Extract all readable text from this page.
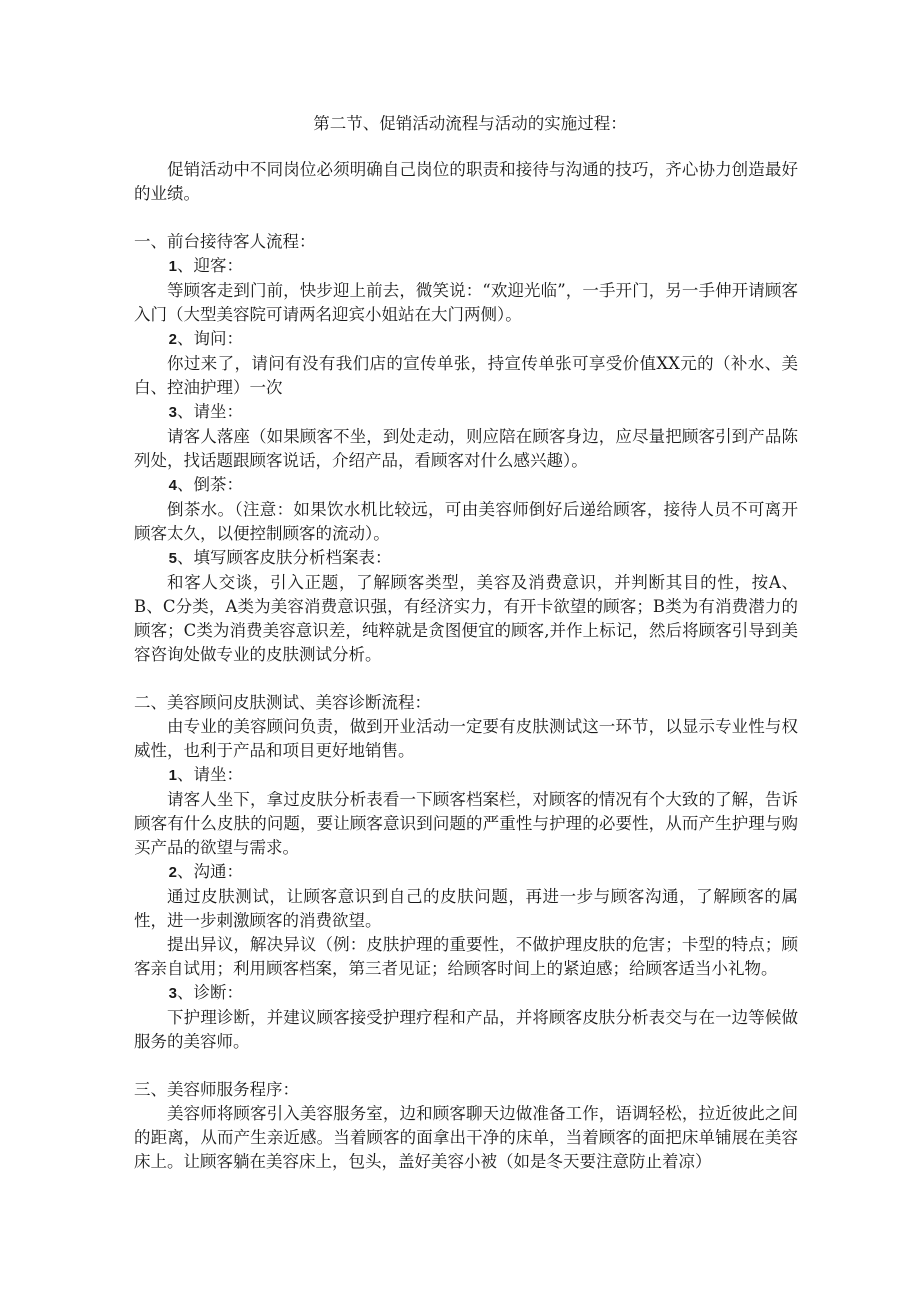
第二节、促销活动流程与活动的实施过程：

促销活动中不同岗位必须明确自己岗位的职责和接待与沟通的技巧，齐心协力创造最好的业绩。

一、前台接待客人流程：

1、迎客：

等顾客走到门前，快步迎上前去，微笑说：“欢迎光临”，一手开门，另一手伸开请顾客入门（大型美容院可请两名迎宾小姐站在大门两侧）。

2、询问：

你过来了，请问有没有我们店的宣传单张，持宣传单张可享受价值XX元的（补水、美白、控油护理）一次

3、请坐：

请客人落座（如果顾客不坐，到处走动，则应陪在顾客身边，应尽量把顾客引到产品陈列处，找话题跟顾客说话，介绍产品，看顾客对什么感兴趣）。

4、倒茶：

倒茶水。（注意：如果饮水机比较远，可由美容师倒好后递给顾客，接待人员不可离开顾客太久，以便控制顾客的流动）。

5、填写顾客皮肤分析档案表：

和客人交谈，引入正题，了解顾客类型，美容及消费意识，并判断其目的性，按A、B、C分类，A类为美容消费意识强，有经济实力，有开卡欲望的顾客；B类为有消费潜力的顾客；C类为消费美容意识差，纯粹就是贪图便宜的顾客,并作上标记，然后将顾客引导到美容咨询处做专业的皮肤测试分析。

二、美容顾问皮肤测试、美容诊断流程：

由专业的美容顾问负责，做到开业活动一定要有皮肤测试这一环节，以显示专业性与权威性，也利于产品和项目更好地销售。

1、请坐：

请客人坐下，拿过皮肤分析表看一下顾客档案栏，对顾客的情况有个大致的了解，告诉顾客有什么皮肤的问题，要让顾客意识到问题的严重性与护理的必要性，从而产生护理与购买产品的欲望与需求。

2、沟通：

通过皮肤测试，让顾客意识到自己的皮肤问题，再进一步与顾客沟通，了解顾客的属性，进一步刺激顾客的消费欲望。

提出异议，解决异议（例：皮肤护理的重要性，不做护理皮肤的危害；卡型的特点；顾客亲自试用；利用顾客档案，第三者见证；给顾客时间上的紧迫感；给顾客适当小礼物。

3、诊断：

下护理诊断，并建议顾客接受护理疗程和产品，并将顾客皮肤分析表交与在一边等候做服务的美容师。

三、美容师服务程序：

美容师将顾客引入美容服务室，边和顾客聊天边做准备工作，语调轻松，拉近彼此之间的距离，从而产生亲近感。当着顾客的面拿出干净的床单，当着顾客的面把床单铺展在美容床上。让顾客躺在美容床上，包头，盖好美容小被（如是冬天要注意防止着凉）
